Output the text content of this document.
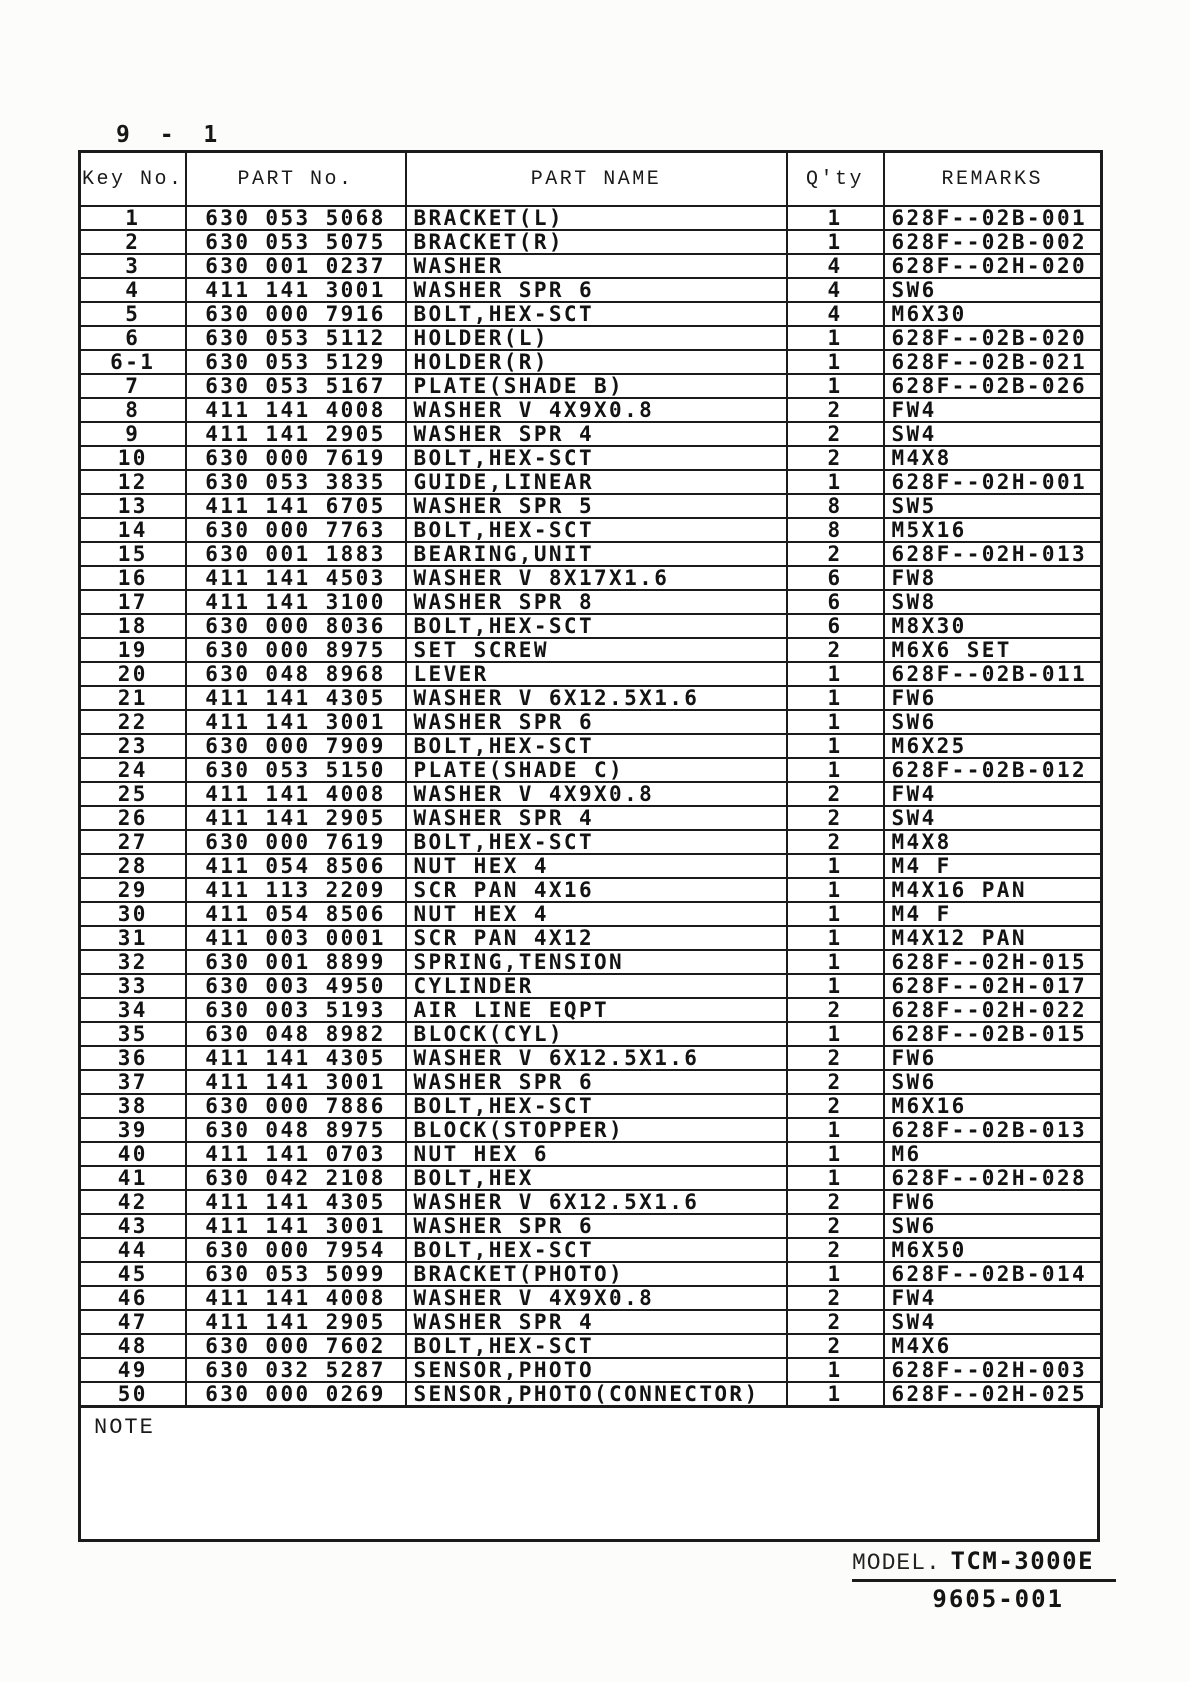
9 - 1
Key No.	PART No.	PART NAME	Q'ty	REMARKS
1	630 053 5068	BRACKET(L)	1	628F--02B-001
2	630 053 5075	BRACKET(R)	1	628F--02B-002
3	630 001 0237	WASHER	4	628F--02H-020
4	411 141 3001	WASHER SPR 6	4	SW6
5	630 000 7916	BOLT,HEX-SCT	4	M6X30
6	630 053 5112	HOLDER(L)	1	628F--02B-020
6-1	630 053 5129	HOLDER(R)	1	628F--02B-021
7	630 053 5167	PLATE(SHADE B)	1	628F--02B-026
8	411 141 4008	WASHER V 4X9X0.8	2	FW4
9	411 141 2905	WASHER SPR 4	2	SW4
10	630 000 7619	BOLT,HEX-SCT	2	M4X8
12	630 053 3835	GUIDE,LINEAR	1	628F--02H-001
13	411 141 6705	WASHER SPR 5	8	SW5
14	630 000 7763	BOLT,HEX-SCT	8	M5X16
15	630 001 1883	BEARING,UNIT	2	628F--02H-013
16	411 141 4503	WASHER V 8X17X1.6	6	FW8
17	411 141 3100	WASHER SPR 8	6	SW8
18	630 000 8036	BOLT,HEX-SCT	6	M8X30
19	630 000 8975	SET SCREW	2	M6X6 SET
20	630 048 8968	LEVER	1	628F--02B-011
21	411 141 4305	WASHER V 6X12.5X1.6	1	FW6
22	411 141 3001	WASHER SPR 6	1	SW6
23	630 000 7909	BOLT,HEX-SCT	1	M6X25
24	630 053 5150	PLATE(SHADE C)	1	628F--02B-012
25	411 141 4008	WASHER V 4X9X0.8	2	FW4
26	411 141 2905	WASHER SPR 4	2	SW4
27	630 000 7619	BOLT,HEX-SCT	2	M4X8
28	411 054 8506	NUT HEX 4	1	M4 F
29	411 113 2209	SCR PAN 4X16	1	M4X16 PAN
30	411 054 8506	NUT HEX 4	1	M4 F
31	411 003 0001	SCR PAN 4X12	1	M4X12 PAN
32	630 001 8899	SPRING,TENSION	1	628F--02H-015
33	630 003 4950	CYLINDER	1	628F--02H-017
34	630 003 5193	AIR LINE EQPT	2	628F--02H-022
35	630 048 8982	BLOCK(CYL)	1	628F--02B-015
36	411 141 4305	WASHER V 6X12.5X1.6	2	FW6
37	411 141 3001	WASHER SPR 6	2	SW6
38	630 000 7886	BOLT,HEX-SCT	2	M6X16
39	630 048 8975	BLOCK(STOPPER)	1	628F--02B-013
40	411 141 0703	NUT HEX 6	1	M6
41	630 042 2108	BOLT,HEX	1	628F--02H-028
42	411 141 4305	WASHER V 6X12.5X1.6	2	FW6
43	411 141 3001	WASHER SPR 6	2	SW6
44	630 000 7954	BOLT,HEX-SCT	2	M6X50
45	630 053 5099	BRACKET(PHOTO)	1	628F--02B-014
46	411 141 4008	WASHER V 4X9X0.8	2	FW4
47	411 141 2905	WASHER SPR 4	2	SW4
48	630 000 7602	BOLT,HEX-SCT	2	M4X6
49	630 032 5287	SENSOR,PHOTO	1	628F--02H-003
50	630 000 0269	SENSOR,PHOTO(CONNECTOR)	1	628F--02H-025
NOTE
MODEL. TCM-3000E
9605-001
